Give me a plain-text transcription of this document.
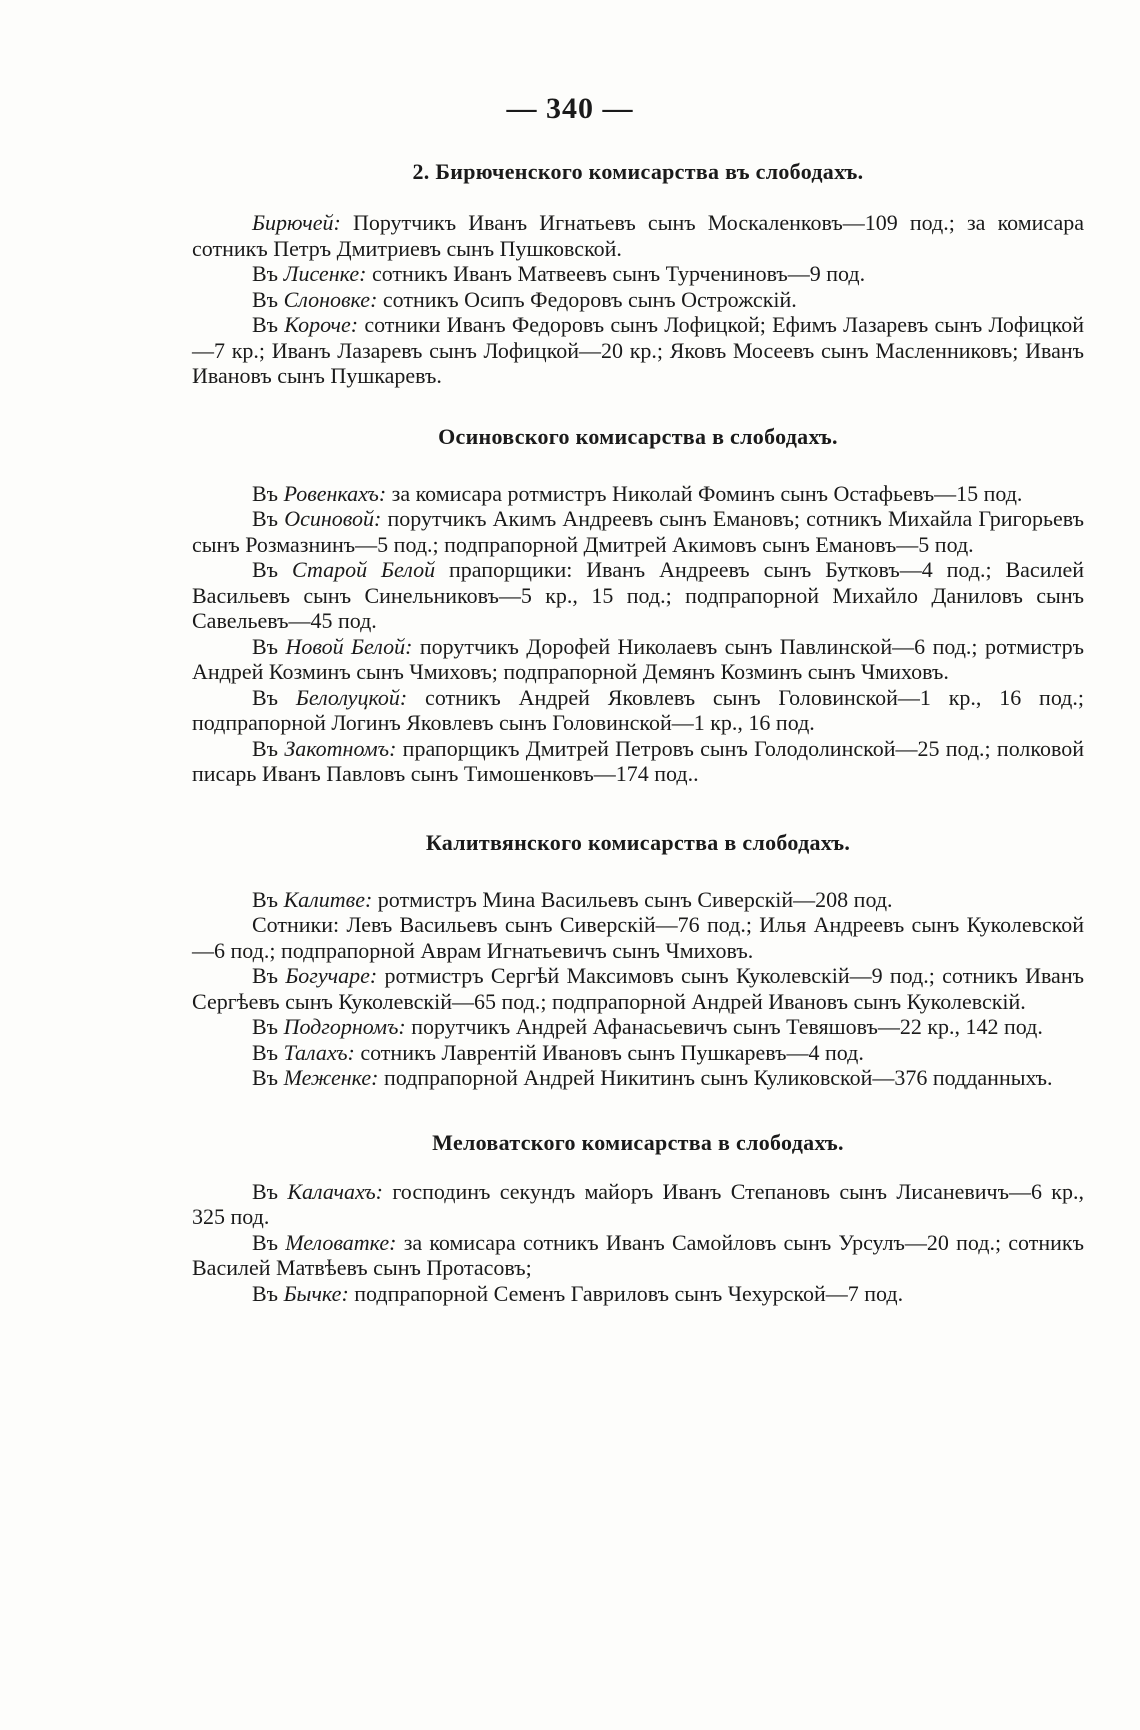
— 340 —

2. Бирюченского комисарства въ слободахъ.

Бирючей: Порутчикъ Иванъ Игнатьевъ сынъ Москаленковъ—109 под.; за комисара сотникъ Петръ Дмитриевъ сынъ Пушковской.

Въ Лисенке: сотникъ Иванъ Матвеевъ сынъ Турчениновъ—9 под.

Въ Слоновке: сотникъ Осипъ Федоровъ сынъ Острожскій.

Въ Короче: сотники Иванъ Федоровъ сынъ Лофицкой; Ефимъ Лазаревъ сынъ Лофицкой—7 кр.; Иванъ Лазаревъ сынъ Лофицкой—20 кр.; Яковъ Мосеевъ сынъ Масленниковъ; Иванъ Ивановъ сынъ Пушкаревъ.

Осиновского комисарства в слободахъ.

Въ Ровенкахъ: за комисара ротмистръ Николай Фоминъ сынъ Остафьевъ—15 под.

Въ Осиновой: порутчикъ Акимъ Андреевъ сынъ Емановъ; сотникъ Михайла Григорьевъ сынъ Розмазнинъ—5 под.; подпрапорной Дмитрей Акимовъ сынъ Емановъ—5 под.

Въ Старой Белой прапорщики: Иванъ Андреевъ сынъ Бутковъ—4 под.; Василей Васильевъ сынъ Синельниковъ—5 кр., 15 под.; подпрапорной Михайло Даниловъ сынъ Савельевъ—45 под.

Въ Новой Белой: порутчикъ Дорофей Николаевъ сынъ Павлинской—6 под.; ротмистръ Андрей Козминъ сынъ Чмиховъ; подпрапорной Демянъ Козминъ сынъ Чмиховъ.

Въ Белолуцкой: сотникъ Андрей Яковлевъ сынъ Головинской—1 кр., 16 под.; подпрапорной Логинъ Яковлевъ сынъ Головинской—1 кр., 16 под.

Въ Закотномъ: прапорщикъ Дмитрей Петровъ сынъ Голодолинской—25 под.; полковой писарь Иванъ Павловъ сынъ Тимошенковъ—174 под..

Калитвянского комисарства в слободахъ.

Въ Калитве: ротмистръ Мина Васильевъ сынъ Сиверскій—208 под.

Сотники: Левъ Васильевъ сынъ Сиверскій—76 под.; Илья Андреевъ сынъ Куколевской—6 под.; подпрапорной Аврам Игнатьевичъ сынъ Чмиховъ.

Въ Богучаре: ротмистръ Сергѣй Максимовъ сынъ Куколевскій—9 под.; сотникъ Иванъ Сергѣевъ сынъ Куколевскій—65 под.; подпрапорной Андрей Ивановъ сынъ Куколевскій.

Въ Подгорномъ: порутчикъ Андрей Афанасьевичъ сынъ Тевяшовъ—22 кр., 142 под.

Въ Талахъ: сотникъ Лаврентій Ивановъ сынъ Пушкаревъ—4 под.

Въ Меженке: подпрапорной Андрей Никитинъ сынъ Куликовской—376 подданныхъ.

Меловатского комисарства в слободахъ.

Въ Калачахъ: господинъ секундъ майоръ Иванъ Степановъ сынъ Лисаневичъ—6 кр., 325 под.

Въ Меловатке: за комисара сотникъ Иванъ Самойловъ сынъ Урсулъ—20 под.; сотникъ Василей Матвѣевъ сынъ Протасовъ;

Въ Бычке: подпрапорной Семенъ Гавриловъ сынъ Чехурской—7 под.
